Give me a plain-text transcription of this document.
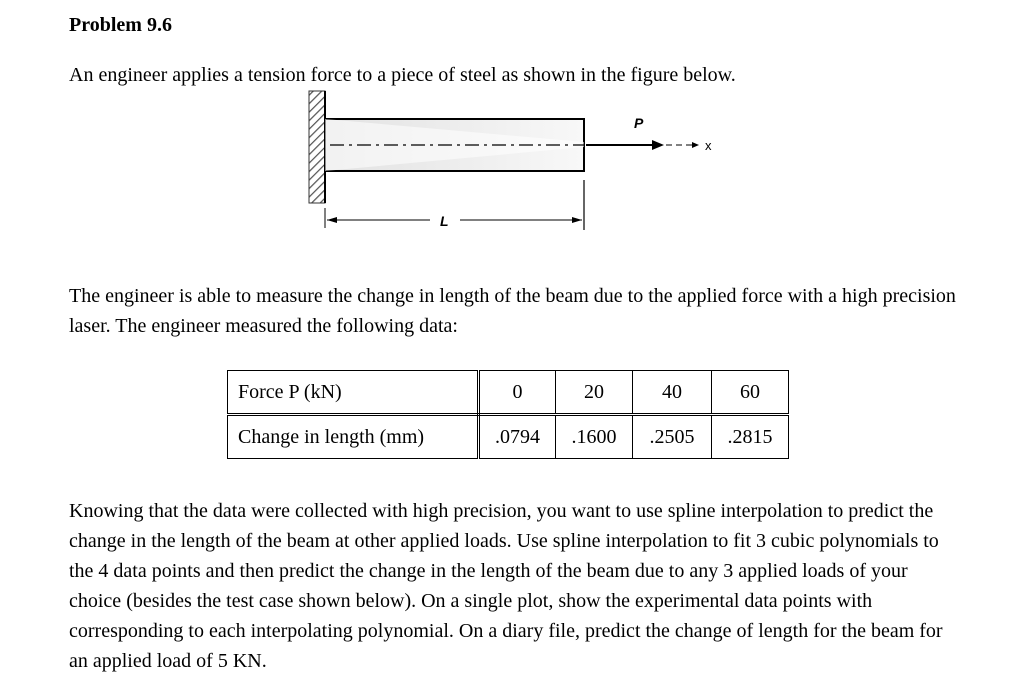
Problem 9.6

An engineer applies a tension force to a piece of steel as shown in the figure below.

x
P
L

The engineer is able to measure the change in length of the beam due to the applied force with a high precision laser. The engineer measured the following data:

Force P (kN)	0	20	40	60
Change in length (mm)	.0794	.1600	.2505	.2815

Knowing that the data were collected with high precision, you want to use spline interpolation to predict the change in the length of the beam at other applied loads. Use spline interpolation to fit 3 cubic polynomials to the 4 data points and then predict the change in the length of the beam due to any 3 applied loads of your choice (besides the test case shown below). On a single plot, show the experimental data points with corresponding to each interpolating polynomial. On a diary file, predict the change of length for the beam for an applied load of 5 KN.
